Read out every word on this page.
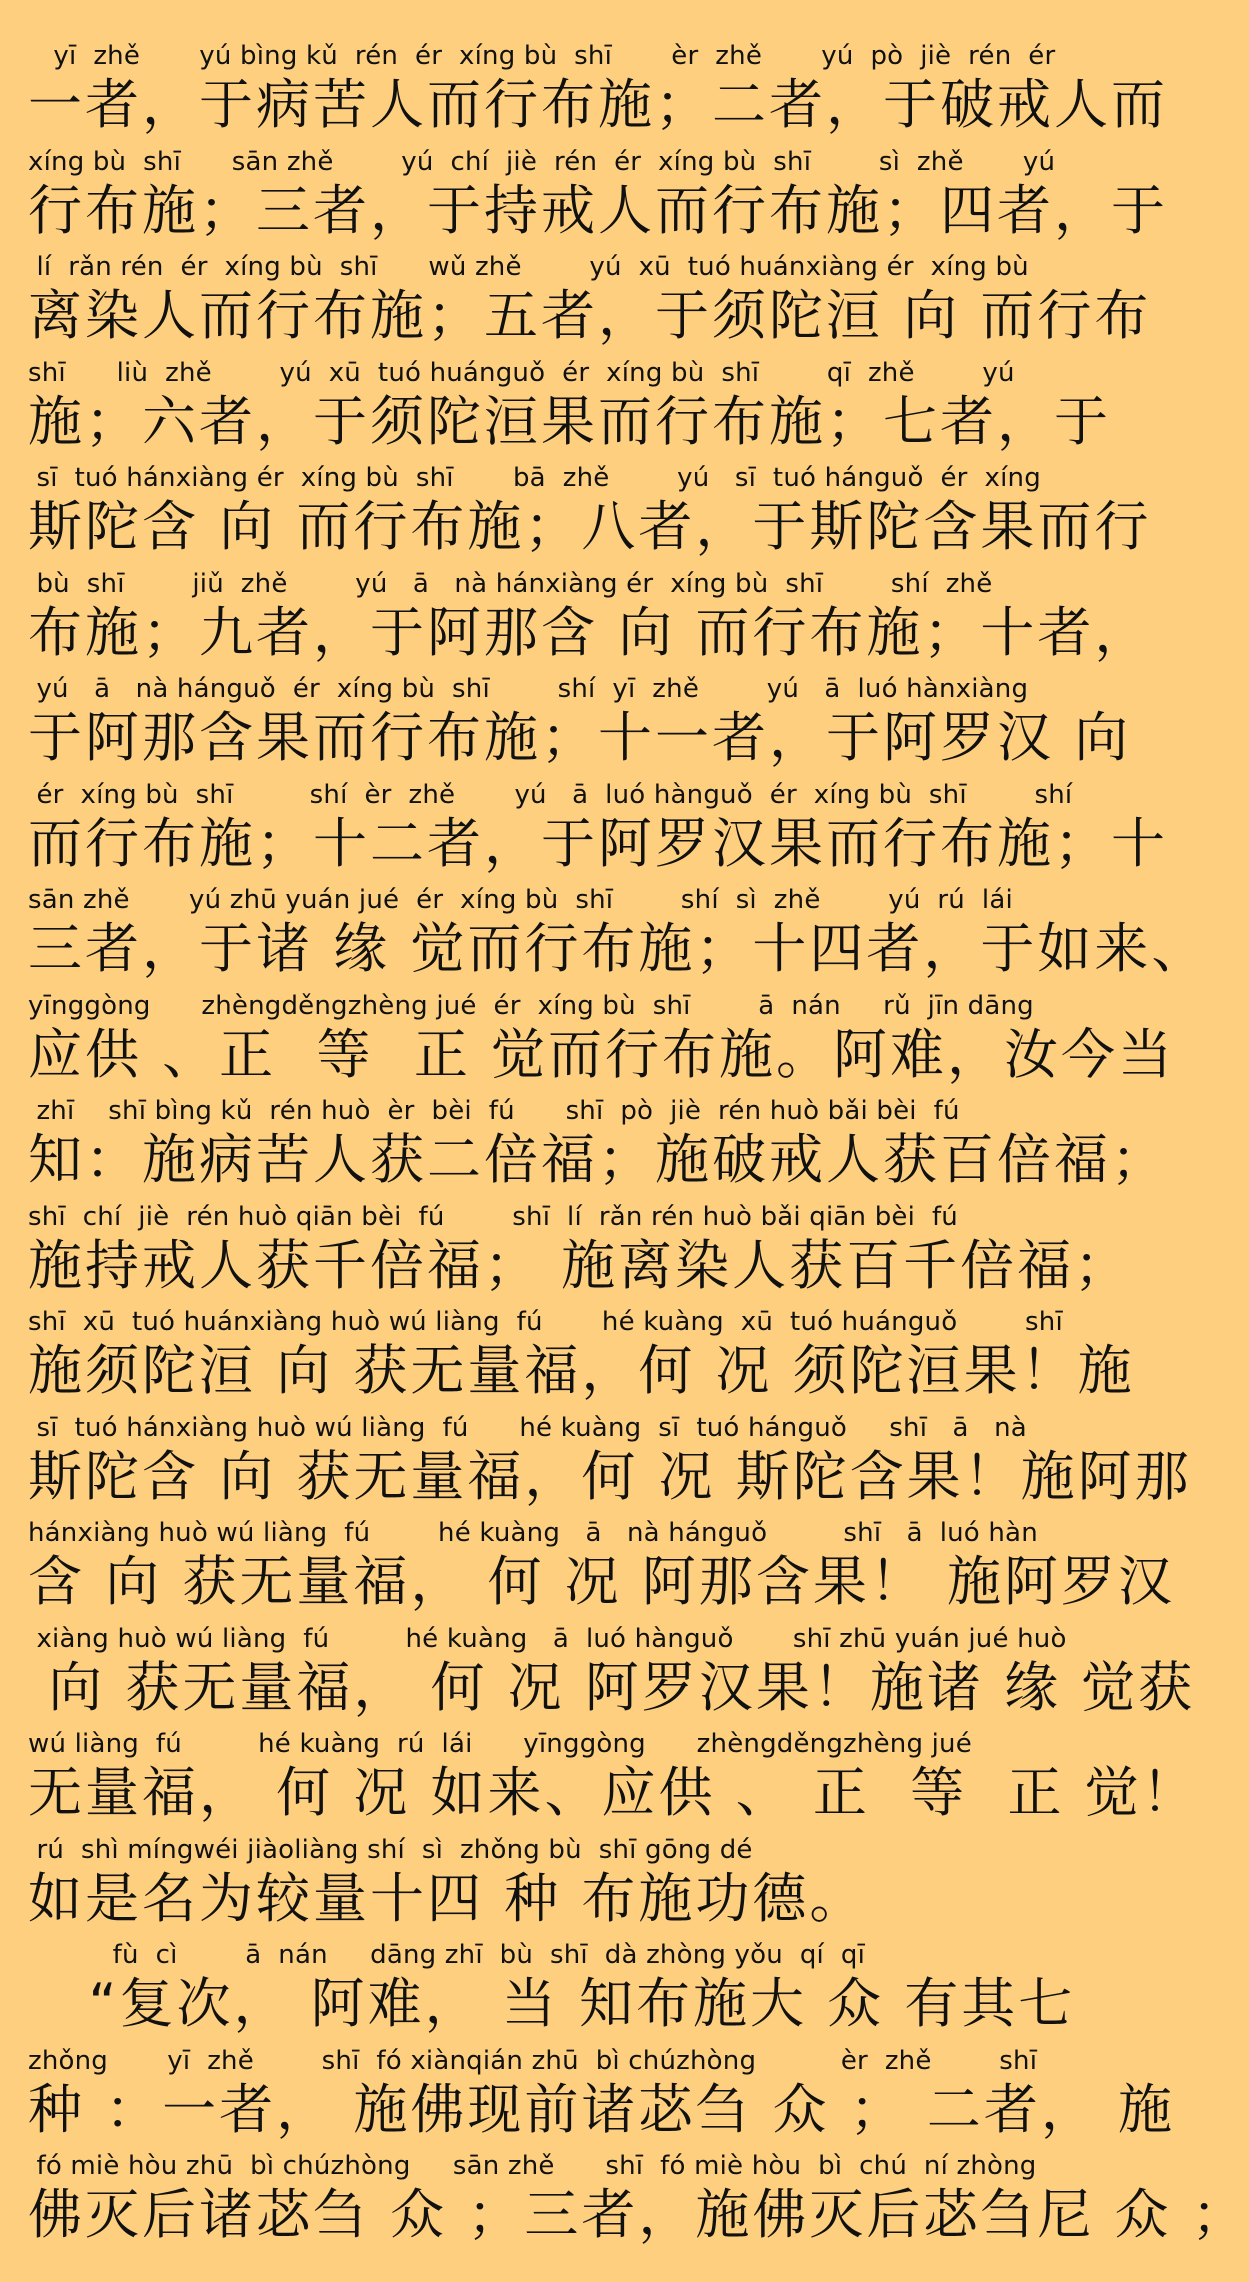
yī  zhě       yú bìng kǔ  rén  ér  xíng bù  shī       èr  zhě       yú  pò  jiè  rén  ér
一者，于病苦人而行布施；二者，于破戒人而
xíng bù  shī      sān zhě        yú  chí  jiè  rén  ér  xíng bù  shī        sì  zhě       yú
行布施；三者，于持戒人而行布施；四者，于
lí  rǎn rén  ér  xíng bù  shī      wǔ zhě        yú  xū  tuó huánxiàng ér  xíng bù
离染人而行布施；五者，于须陀洹 向 而行布
shī      liù  zhě        yú  xū  tuó huánguǒ  ér  xíng bù  shī        qī  zhě        yú
施；六者，于须陀洹果而行布施；七者，于
sī  tuó hánxiàng ér  xíng bù  shī       bā  zhě        yú   sī  tuó hánguǒ  ér  xíng
斯陀含 向 而行布施；八者，于斯陀含果而行
bù  shī        jiǔ  zhě        yú   ā   nà hánxiàng ér  xíng bù  shī        shí  zhě
布施；九者，于阿那含 向 而行布施；十者，
yú   ā   nà hánguǒ  ér  xíng bù  shī        shí  yī  zhě        yú   ā  luó hànxiàng
于阿那含果而行布施；十一者，于阿罗汉 向
ér  xíng bù  shī         shí  èr  zhě       yú   ā  luó hànguǒ  ér  xíng bù  shī        shí
而行布施；十二者，于阿罗汉果而行布施；十
sān zhě       yú zhū yuán jué  ér  xíng bù  shī        shí  sì  zhě        yú  rú  lái
三者，于诸 缘 觉而行布施；十四者，于如来、
yīnggòng      zhèngděngzhèng jué  ér  xíng bù  shī        ā  nán     rǔ  jīn dāng
应供 、正  等  正 觉而行布施。阿难，汝今当
zhī    shī bìng kǔ  rén huò  èr  bèi  fú      shī  pò  jiè  rén huò bǎi bèi  fú
知：施病苦人获二倍福；施破戒人获百倍福；
shī  chí  jiè  rén huò qiān bèi  fú        shī  lí  rǎn rén huò bǎi qiān bèi  fú
施持戒人获千倍福； 施离染人获百千倍福；
shī  xū  tuó huánxiàng huò wú liàng  fú       hé kuàng  xū  tuó huánguǒ        shī
施须陀洹 向 获无量福，何 况 须陀洹果！施
sī  tuó hánxiàng huò wú liàng  fú      hé kuàng  sī  tuó hánguǒ     shī   ā   nà
斯陀含 向 获无量福，何 况 斯陀含果！施阿那
hánxiàng huò wú liàng  fú        hé kuàng   ā   nà hánguǒ         shī   ā  luó hàn
含 向 获无量福， 何 况 阿那含果！ 施阿罗汉
xiàng huò wú liàng  fú         hé kuàng   ā  luó hànguǒ       shī zhū yuán jué huò
向 获无量福， 何 况 阿罗汉果！施诸 缘 觉获
wú liàng  fú         hé kuàng  rú  lái      yīnggòng      zhèngděngzhèng jué
无量福， 何 况 如来、应供 、 正  等  正 觉！
rú  shì míngwéi jiàoliàng shí  sì  zhǒng bù  shī gōng dé
如是名为较量十四 种 布施功德。
fù  cì        ā  nán     dāng zhī  bù  shī  dà zhòng yǒu  qí  qī
“复次， 阿难， 当 知布施大 众 有其七
zhǒng       yī  zhě        shī  fó xiànqián zhū  bì chúzhòng          èr  zhě        shī
种 ：一者， 施佛现前诸苾刍 众 ； 二者， 施
fó miè hòu zhū  bì chúzhòng     sān zhě      shī  fó miè hòu  bì  chú  ní zhòng
佛灭后诸苾刍 众 ；三者，施佛灭后苾刍尼 众 ；
